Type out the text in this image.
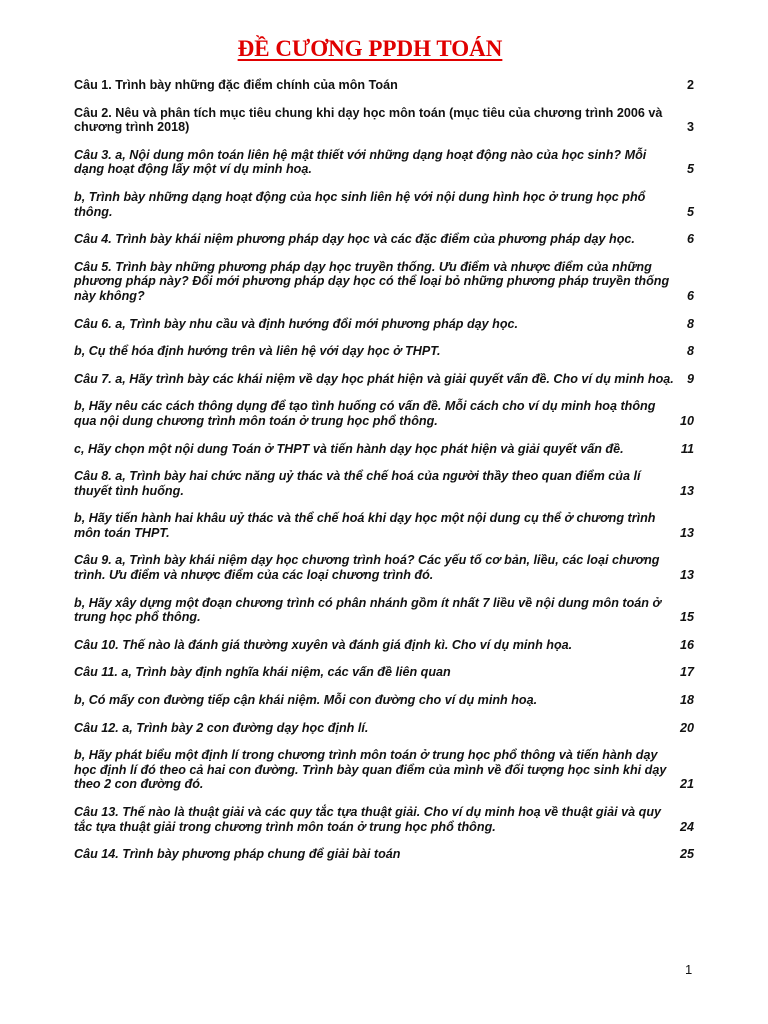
ĐỀ CƯƠNG PPDH TOÁN
Câu 1. Trình bày những đặc điểm chính của môn Toán	2
Câu 2. Nêu và phân tích mục tiêu chung khi dạy học môn toán (mục tiêu của chương trình 2006 và chương trình 2018)	3
Câu 3. a, Nội dung môn toán liên hệ mật thiết với những dạng hoạt động nào của học sinh? Mỗi dạng hoạt động lấy một ví dụ minh hoạ.	5
b, Trình bày những dạng hoạt động của học sinh liên hệ với nội dung hình học ở trung học phổ thông.	5
Câu 4. Trình bày khái niệm phương pháp dạy học và các đặc điểm của phương pháp dạy học.	6
Câu 5. Trình bày những phương pháp dạy học truyền thống. Ưu điểm và nhược điểm của những phương pháp này? Đổi mới phương pháp dạy học có thể loại bỏ những phương pháp truyền thống này không?	6
Câu 6. a, Trình bày nhu cầu và định hướng đổi mới phương pháp dạy học.	8
b, Cụ thể hóa định hướng trên và liên hệ với dạy học ở THPT.	8
Câu 7. a, Hãy trình bày các khái niệm về dạy học phát hiện và giải quyết vấn đề. Cho ví dụ minh hoạ.	9
b, Hãy nêu các cách thông dụng để tạo tình huống có vấn đề. Mỗi cách cho ví dụ minh hoạ thông qua nội dung chương trình môn toán ở trung học phổ thông.	10
c, Hãy chọn một nội dung Toán ở THPT và tiến hành dạy học phát hiện và giải quyết vấn đề.	11
Câu 8. a, Trình bày hai chức năng uỷ thác và thể chế hoá của người thầy theo quan điểm của lí thuyết tình huống.	13
b, Hãy tiến hành hai khâu uỷ thác và thể chế hoá khi dạy học một nội dung cụ thể ở chương trình môn toán THPT.	13
Câu 9. a, Trình bày khái niệm dạy học chương trình hoá? Các yếu tố cơ bản, liều, các loại chương trình. Ưu điểm và nhược điểm của các loại chương trình đó.	13
b, Hãy xây dựng một đoạn chương trình có phân nhánh gồm ít nhất 7 liều về nội dung môn toán ở trung học phổ thông.	15
Câu 10. Thế nào là đánh giá thường xuyên và đánh giá định kì. Cho ví dụ minh họa.	16
Câu 11. a, Trình bày định nghĩa khái niệm, các vấn đề liên quan	17
b, Có mấy con đường tiếp cận khái niệm. Mỗi con đường cho ví dụ minh hoạ.	18
Câu 12. a, Trình bày 2 con đường dạy học định lí.	20
b, Hãy phát biểu một định lí trong chương trình môn toán ở trung học phổ thông và tiến hành dạy học định lí đó theo cả hai con đường. Trình bày quan điểm của mình về đối tượng học sinh khi dạy theo 2 con đường đó.	21
Câu 13. Thế nào là thuật giải và các quy tắc tựa thuật giải. Cho ví dụ minh hoạ về thuật giải và quy tắc tựa thuật giải trong chương trình môn toán ở trung học phổ thông.	24
Câu 14. Trình bày phương pháp chung để giải bài toán	25
1
